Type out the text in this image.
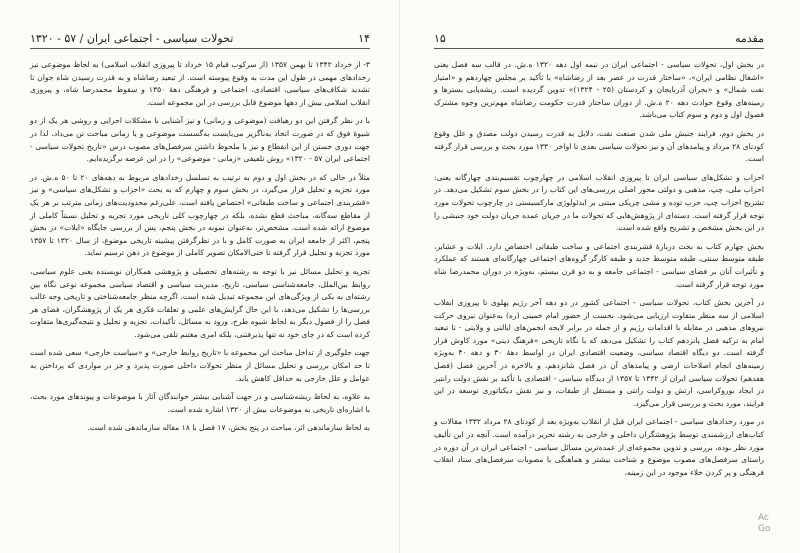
تحولات سیاسی - اجتماعی ایران / ۵۷ - ۱۳۲۰	۱۴

۳- از خرداد ۱۳۴۲ تا بهمن ۱۳۵۷ (از سرکوب قیام ۱۵ خرداد تا پیروزی انقلاب اسلامی) به لحاظ موضوعی نیز رخدادهای مهمی در طول این مدت به وقوع پیوسته است. از تبعید رضاشاه و به قدرت رسیدن شاه جوان تا تشدید شکاف‌های سیاسی، اقتصادی، اجتماعی و فرهنگی دههٔ ۱۳۵۰ و سقوط محمدرضا شاه، و پیروزی انقلاب اسلامی بیش از دهها موضوع قابل بررسی در این مجموعه است.

با در نظر گرفتن این دو رهیافت (موضوعی و زمانی) و نیز آشنایی با مشکلات اجرایی و روشی هر یک از دو شیوهٔ فوق که در صورت اتخاذ به‌ناگزیر می‌بایست به‌گسست موضوعی و یا زمانی مباحث تن می‌داد، لذا در جهت دوری جستن از این انقطاع و نیز با ملحوظ داشتن سرفصل‌های مصوب درس «تاریخ تحولات سیاسی - اجتماعی ایران ۵۷ - ۱۳۲۰» روش تلفیقی «زمانی - موضوعی» را در این عرصه برگزیده‌ایم.

مثلاً در حالی که در بخش اول و دوم به ترتیب به تسلسل رخدادهای مربوط به دهه‌های ۲۰ تا ۵۰ ه.ش. در مورد تجزیه و تحلیل قرار می‌گیرد، در بخش سوم و چهارم که به بحث «احزاب و تشکل‌های سیاسی» و نیز «قشربندی اجتماعی و ساخت طبقاتی» اختصاص یافته است، علی‌رغم محدودیت‌های زمانی مترتب بر هر یک از مقاطع سه‌گانه، مباحث قطع نشده، بلکه در چهارچوب کلی تاریخی مورد تجزیه و تحلیل نسبتاً کاملی از موضوع ارائه شده است. مشخص‌تر، به‌عنوان نمونه در بخش پنجم، پس از بررسی جایگاه «ایلات» در بخش پنجم، اکثر از جامعه ایران به صورت کامل و با در نظرگرفتن پیشینه تاریخی موضوع، از سال ۱۳۲۰ تا ۱۳۵۷ مورد تجزیه و تحلیل قرار گرفته تا حتی‌الامکان تصویر کاملی از موضوع در ذهن ترسیم نماید.

تجزیه و تحلیل مسائل نیز با توجه به رشته‌های تحصیلی و پژوهشی همکاران نویسنده یعنی علوم سیاسی، روابط بین‌الملل، جامعه‌شناسی سیاسی، تاریخ، مدیریت سیاسی و اقتصاد سیاسی مجموعه نوعی نگاه بین رشته‌ای به یکی از ویژگی‌های این مجموعه تبدیل شده است. اگرچه منظر جامعه‌شناختی و تاریخی وجه غالب بررسی‌ها را تشکیل می‌دهد، با این حال گرایش‌های علمی و تعلقات فکری هر یک از پژوهشگران، فضای هر فصل را از فصول دیگر به لحاظ شیوه طرح، ورود به مسائل، تأکیدات، تجزیه و تحلیل و نتیجه‌گیری‌ها متفاوت کرده است که در جای خود نه تنها پذیرفتنی، بلکه امری مغتنم تلقی می‌شود.

جهت جلوگیری از تداخل مباحث این مجموعه با «تاریخ روابط خارجی» و «سیاست خارجی» سعی شده است تا حد امکان بررسی و تحلیل مسائل از منظر تحولات داخلی صورت پذیرد و جز در مواردی که پرداختن به عوامل و علل خارجی به حداقل کاهش یابد.

به علاوه، به لحاظ ریشه‌شناسی و در جهت آشنایی بیشتر خوانندگان آثار با موضوعات و پیوندهای مورد بحث، با اشاره‌ای تاریخی به موضوعات بیش از ۱۳۲۰ اشاره شده است.

به لحاظ سازماندهی اثر، مباحث در پنج بخش، ۱۷ فصل با ۱۸ مقاله سازماندهی شده است.

مقدمه
۱۵

در بخش اول، تحولات سیاسی - اجتماعی ایران در نیمه اول دهه ۱۳۲۰ ه.ش. در قالب سه فصل یعنی «اشغال نظامی ایران»، «ساختار قدرت در عصر بعد از رضاشاه» با تأکید بر مجلس چهاردهم و «امتیاز نفت شمال» و «بحران آذربایجان و کردستان (۲۵ - ۱۳۲۴)» تدوین گردیده است. ریشه‌یابی بستر‌ها و زمینه‌های وقوع حوادث دهه ۲۰ ه.ش. از دوران ساختار قدرت حکومت رضاشاه مهم‌ترین وجوه مشترک فصول اول و دوم و سوم کتاب می‌باشد.

در بخش دوم، فرایند جنبش ملی شدن صنعت نفت، دلایل به قدرت رسیدن دولت مصدق و علل وقوع کودتای ۲۸ مرداد و پیامدهای آن و نیز تحولات سیاسی بعدی تا اواخر ۱۳۳۰ مورد بحث و بررسی قرار گرفته است.

احزاب و تشکل‌های سیاسی ایران تا پیروزی انقلاب اسلامی در چهارچوب تقسیم‌بندی چهارگانه یعنی: احزاب ملی، چپ، مذهبی و دولتی محور اصلی بررسی‌های این کتاب را در بخش سوم تشکیل می‌دهد. در تشریح احزاب چپ، حزب توده و مشی چریکی مبتنی بر ایدئولوژی مارکسیستی در چارچوب تحولات مورد توجه قرار گرفته است. دسته‌ای از پژوهش‌هایی که تحولات ما در جریان عمده جریان دولت خود جنبشی را در این بخش مشخص و تشریح واقع شده است.

بخش چهارم کتاب به بحث دربارهٔ قشربندی اجتماعی و ساخت طبقاتی اختصاص دارد. ایلات و عشایر، طبقه متوسط سنتی، طبقه متوسط جدید و طبقه کارگر گروه‌های اجتماعی چهارگانه‌ای هستند که عملکرد و تأثیرات آنان بر فضای سیاسی - اجتماعی جامعه و به دو قرن بیستم، به‌ویژه در دوران محمدرضا شاه مورد توجه قرار گرفته است.

در آخرین بخش کتاب، تحولات سیاسی - اجتماعی کشور در دو دهه آخر رژیم پهلوی تا پیروزی انقلاب اسلامی از سه منظر متفاوت ارزیابی می‌شود. نخست از حضور امام خمینی (ره) به‌عنوان نیروی حرکت نیروهای مذهبی در مقابله با اقدامات رژیم و از جمله در برابر لایحه انجمن‌های ایالتی و ولایتی - تا تبعید امام به ترکیه فصل پانزدهم کتاب را تشکیل می‌دهد که با نگاه تاریخی «فرهنگ دینی» مورد کاوش قرار گرفته است. دو دیگاه اقتصاد سیاسی، وضعیت اقتصادی ایران در اواسط دههٔ ۳۰ و دهه ۴۰ به‌ویژه زمینه‌های انجام اصلاحات ارضی و پیامدهای آن در فصل شانزدهم، و بالاخره در آخرین فصل (فصل هفدهم) تحولات سیاسی ایران از ۱۳۴۲ تا ۱۳۵۷ از دیدگاه سیاسی - اقتصادی با تأکید بر نقش دولت رانتیر در ایجاد بوروکراسی، ارتش و دولت رانتی و مستقل از طبقات، و نیز نقش دیکتاتوری توسعه در این فرایند، مورد بحث و بررسی قرار می‌گیرد.

در مورد رخدادهای سیاسی - اجتماعی ایران قبل از انقلاب به‌ویژه بعد از کودتای ۲۸ مرداد ۱۳۳۲ مقالات و کتاب‌های ارزشمندی توسط پژوهشگران داخلی و خارجی به رشته تحریر درآمده است. آنچه در این تألیف مورد نظر بوده، بررسی و تدوین مجموعه‌ای از عمده‌ترین مسائل سیاسی - اجتماعی ایران در آن دوره در راستای سرفصل‌های مصوب موضوع و شناخت بیشتر و هماهنگی با مصوبات سرفصل‌های ستاد انقلاب فرهنگی و پر کردن خلاء موجود در این زمینه،

Ac
Go
